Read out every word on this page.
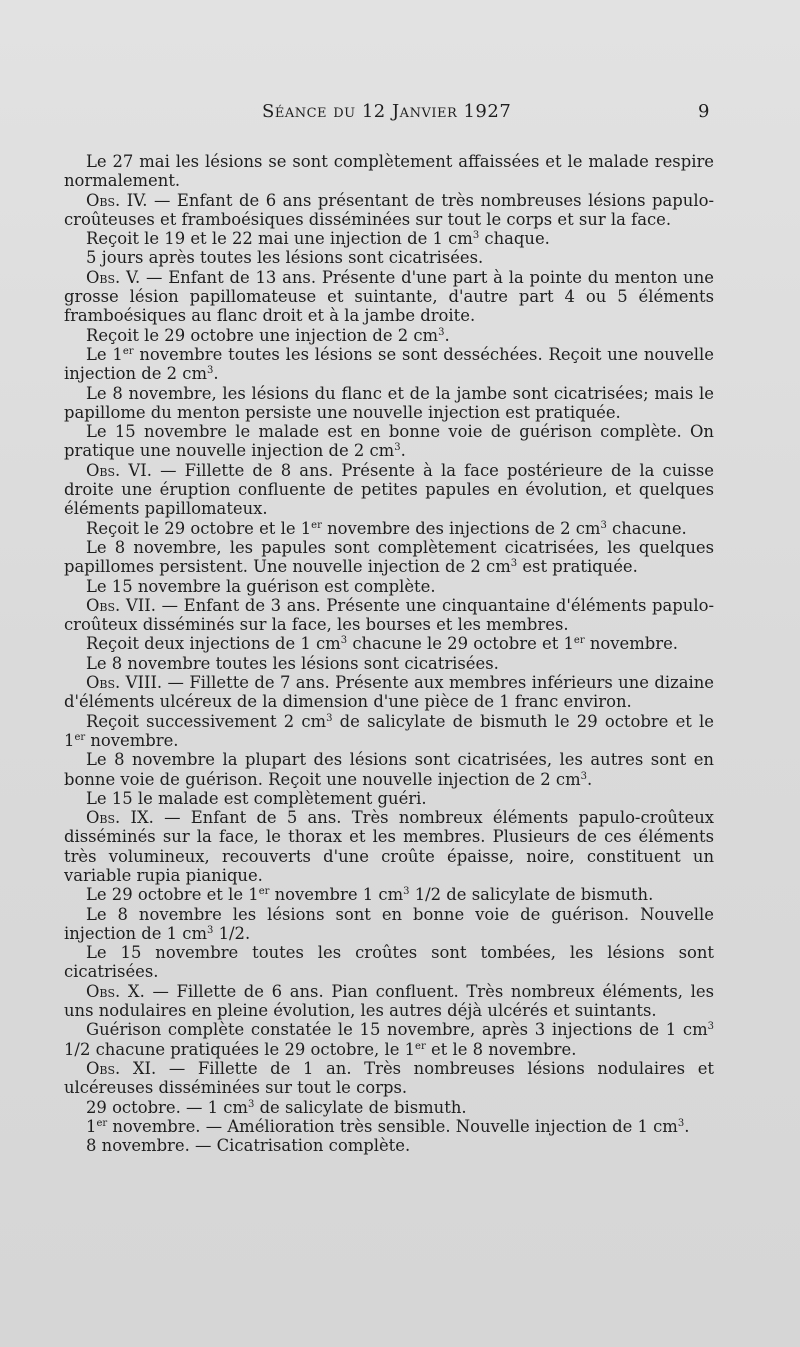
Séance du 12 Janvier 1927	9

Le 27 mai les lésions se sont complètement affaissées et le malade respire normalement.

Obs. IV. — Enfant de 6 ans présentant de très nombreuses lésions papulo-croûteuses et framboésiques disséminées sur tout le corps et sur la face.

Reçoit le 19 et le 22 mai une injection de 1 $cm^3$ chaque.

5 jours après toutes les lésions sont cicatrisées.

Obs. V. — Enfant de 13 ans. Présente d'une part à la pointe du menton une grosse lésion papillomateuse et suintante, d'autre part 4 ou 5 éléments framboésiques au flanc droit et à la jambe droite.

Reçoit le 29 octobre une injection de 2 $cm^3$.

Le 1er novembre toutes les lésions se sont desséchées. Reçoit une nouvelle injection de 2 $cm^3$.

Le 8 novembre, les lésions du flanc et de la jambe sont cicatrisées; mais le papillome du menton persiste une nouvelle injection est pratiquée.

Le 15 novembre le malade est en bonne voie de guérison complète. On pratique une nouvelle injection de 2 $cm^3$.

Obs. VI. — Fillette de 8 ans. Présente à la face postérieure de la cuisse droite une éruption confluente de petites papules en évolution, et quelques éléments papillomateux.

Reçoit le 29 octobre et le 1er novembre des injections de 2 $cm^3$ chacune.

Le 8 novembre, les papules sont complètement cicatrisées, les quelques papillomes persistent. Une nouvelle injection de 2 $cm^3$ est pratiquée.

Le 15 novembre la guérison est complète.

Obs. VII. — Enfant de 3 ans. Présente une cinquantaine d'éléments papulo-croûteux disséminés sur la face, les bourses et les membres.

Reçoit deux injections de 1 $cm^3$ chacune le 29 octobre et 1er novembre.

Le 8 novembre toutes les lésions sont cicatrisées.

Obs. VIII. — Fillette de 7 ans. Présente aux membres inférieurs une dizaine d'éléments ulcéreux de la dimension d'une pièce de 1 franc environ.

Reçoit successivement 2 $cm^3$ de salicylate de bismuth le 29 octobre et le 1er novembre.

Le 8 novembre la plupart des lésions sont cicatrisées, les autres sont en bonne voie de guérison. Reçoit une nouvelle injection de 2 $cm^3$.

Le 15 le malade est complètement guéri.

Obs. IX. — Enfant de 5 ans. Très nombreux éléments papulo-croûteux disséminés sur la face, le thorax et les membres. Plusieurs de ces éléments très volumineux, recouverts d'une croûte épaisse, noire, constituent un variable rupia pianique.

Le 29 octobre et le 1er novembre 1 $cm^3$ 1/2 de salicylate de bismuth.

Le 8 novembre les lésions sont en bonne voie de guérison. Nouvelle injection de 1 $cm^3$ 1/2.

Le 15 novembre toutes les croûtes sont tombées, les lésions sont cicatrisées.

Obs. X. — Fillette de 6 ans. Pian confluent. Très nombreux éléments, les uns nodulaires en pleine évolution, les autres déjà ulcérés et suintants.

Guérison complète constatée le 15 novembre, après 3 injections de 1 $cm^3$ 1/2 chacune pratiquées le 29 octobre, le 1er et le 8 novembre.

Obs. XI. — Fillette de 1 an. Très nombreuses lésions nodulaires et ulcéreuses disséminées sur tout le corps.

29 octobre. — 1 $cm^3$ de salicylate de bismuth.

1er novembre. — Amélioration très sensible. Nouvelle injection de 1 $cm^3$.

8 novembre. — Cicatrisation complète.
